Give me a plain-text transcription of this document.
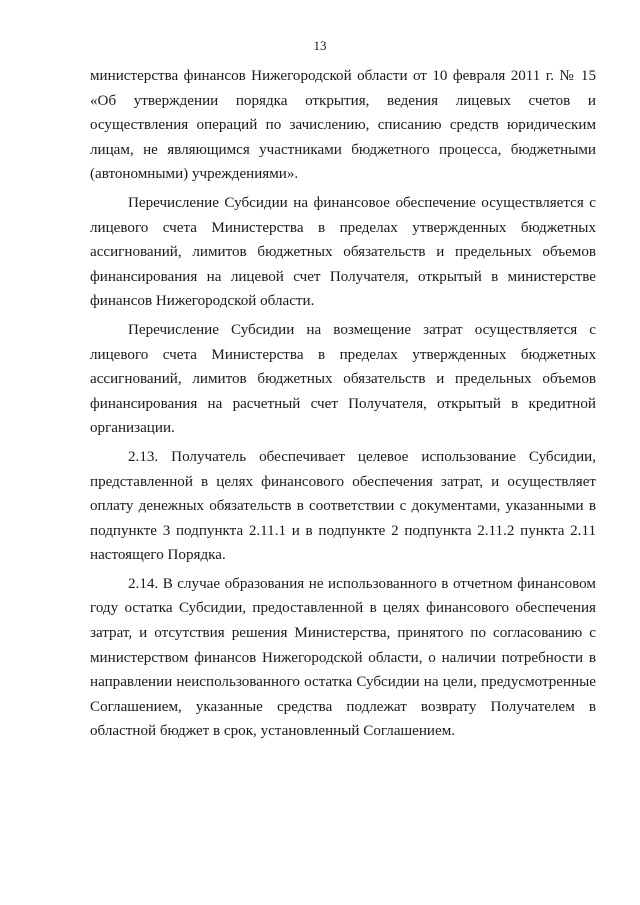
13

министерства финансов Нижегородской области от 10 февраля 2011 г. № 15 «Об утверждении порядка открытия, ведения лицевых счетов и осуществления операций по зачислению, списанию средств юридическим лицам, не являющимся участниками бюджетного процесса, бюджетными (автономными) учреждениями».

Перечисление Субсидии на финансовое обеспечение осуществляется с лицевого счета Министерства в пределах утвержденных бюджетных ассигнований, лимитов бюджетных обязательств и предельных объемов финансирования на лицевой счет Получателя, открытый в министерстве финансов Нижегородской области.

Перечисление Субсидии на возмещение затрат осуществляется с лицевого счета Министерства в пределах утвержденных бюджетных ассигнований, лимитов бюджетных обязательств и предельных объемов финансирования на расчетный счет Получателя, открытый в кредитной организации.

2.13. Получатель обеспечивает целевое использование Субсидии, представленной в целях финансового обеспечения затрат, и осуществляет оплату денежных обязательств в соответствии с документами, указанными в подпункте 3 подпункта 2.11.1 и в подпункте 2 подпункта 2.11.2 пункта 2.11 настоящего Порядка.

2.14. В случае образования не использованного в отчетном финансовом году остатка Субсидии, предоставленной в целях финансового обеспечения затрат, и отсутствия решения Министерства, принятого по согласованию с министерством финансов Нижегородской области, о наличии потребности в направлении неиспользованного остатка Субсидии на цели, предусмотренные Соглашением, указанные средства подлежат возврату Получателем в областной бюджет в срок, установленный Соглашением.
